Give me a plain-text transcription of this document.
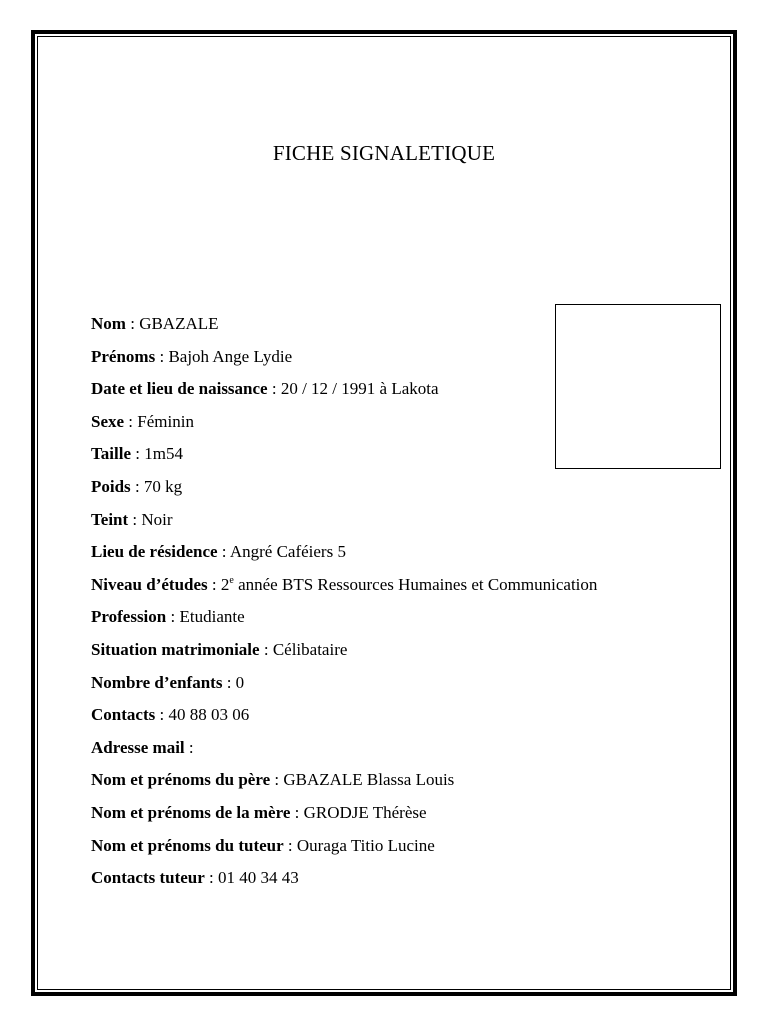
FICHE SIGNALETIQUE
Nom : GBAZALE
Prénoms : Bajoh Ange Lydie
Date et lieu de naissance : 20 / 12 / 1991 à Lakota
Sexe : Féminin
Taille : 1m54
Poids : 70 kg
Teint : Noir
Lieu de résidence : Angré Caféiers 5
Niveau d’études : 2e année BTS Ressources Humaines et Communication
Profession : Etudiante
Situation matrimoniale : Célibataire
Nombre d’enfants : 0
Contacts : 40 88 03 06
Adresse mail :
Nom et prénoms du père : GBAZALE Blassa Louis
Nom et prénoms de la mère : GRODJE Thérèse
Nom et prénoms du tuteur : Ouraga Titio Lucine
Contacts tuteur : 01 40 34 43
